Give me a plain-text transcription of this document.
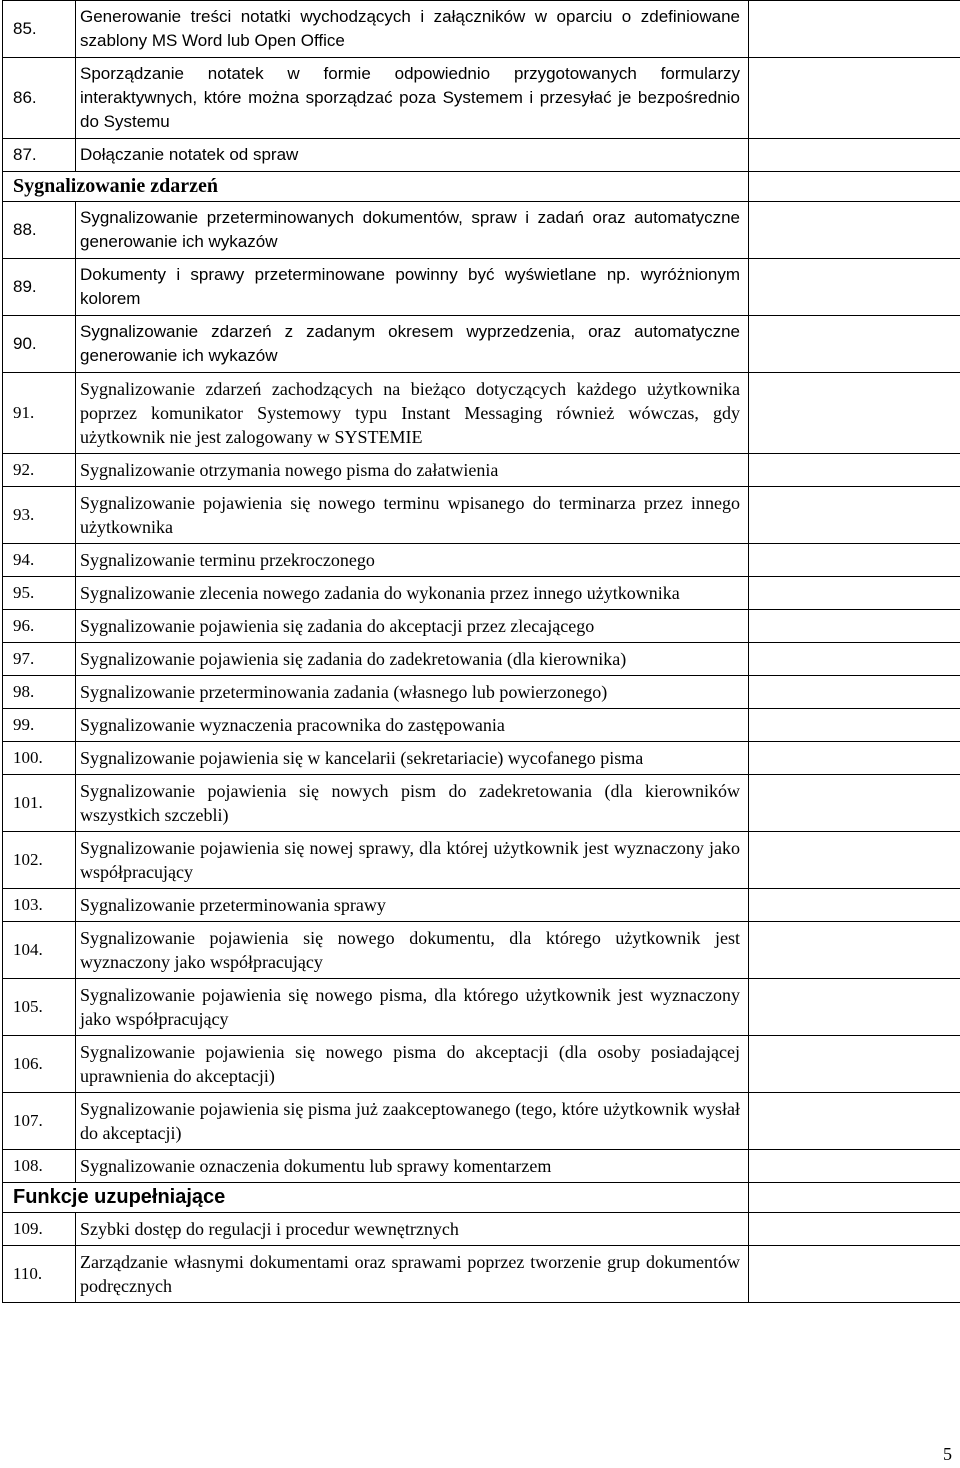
85.	Generowanie treści notatki wychodzących i załączników w oparciu o zdefiniowane szablony MS Word lub Open Office	
86.	Sporządzanie notatek w formie odpowiednio przygotowanych formularzy interaktywnych, które można sporządzać poza Systemem i przesyłać je bezpośrednio do Systemu	
87.	Dołączanie notatek od spraw	
Sygnalizowanie zdarzeń		
88.	Sygnalizowanie przeterminowanych dokumentów, spraw i zadań oraz automatyczne generowanie ich wykazów	
89.	Dokumenty i sprawy przeterminowane powinny być wyświetlane np. wyróżnionym kolorem	
90.	Sygnalizowanie zdarzeń z zadanym okresem wyprzedzenia, oraz automatyczne generowanie ich wykazów	
91.	Sygnalizowanie zdarzeń zachodzących na bieżąco dotyczących każdego użytkownika poprzez komunikator Systemowy typu Instant Messaging również wówczas, gdy użytkownik nie jest zalogowany w SYSTEMIE	
92.	Sygnalizowanie otrzymania nowego pisma do załatwienia	
93.	Sygnalizowanie pojawienia się nowego terminu wpisanego do terminarza przez innego użytkownika	
94.	Sygnalizowanie terminu przekroczonego	
95.	Sygnalizowanie zlecenia nowego zadania do wykonania przez innego użytkownika	
96.	Sygnalizowanie pojawienia się zadania do akceptacji przez zlecającego	
97.	Sygnalizowanie pojawienia się zadania do zadekretowania (dla kierownika)	
98.	Sygnalizowanie przeterminowania zadania (własnego lub powierzonego)	
99.	Sygnalizowanie wyznaczenia pracownika do zastępowania	
100.	Sygnalizowanie pojawienia się w kancelarii (sekretariacie) wycofanego pisma	
101.	Sygnalizowanie pojawienia się nowych pism do zadekretowania (dla kierowników wszystkich szczebli)	
102.	Sygnalizowanie pojawienia się nowej sprawy, dla której użytkownik jest wyznaczony jako współpracujący	
103.	Sygnalizowanie przeterminowania sprawy	
104.	Sygnalizowanie pojawienia się nowego dokumentu, dla którego użytkownik jest wyznaczony jako współpracujący	
105.	Sygnalizowanie pojawienia się nowego pisma, dla którego użytkownik jest wyznaczony jako współpracujący	
106.	Sygnalizowanie pojawienia się nowego pisma do akceptacji (dla osoby posiadającej uprawnienia do akceptacji)	
107.	Sygnalizowanie pojawienia się pisma już zaakceptowanego (tego, które użytkownik wysłał do akceptacji)	
108.	Sygnalizowanie oznaczenia dokumentu lub sprawy komentarzem	
Funkcje uzupełniające		
109.	Szybki dostęp do regulacji i procedur wewnętrznych	
110.	Zarządzanie własnymi dokumentami oraz sprawami poprzez tworzenie grup dokumentów podręcznych	
5
